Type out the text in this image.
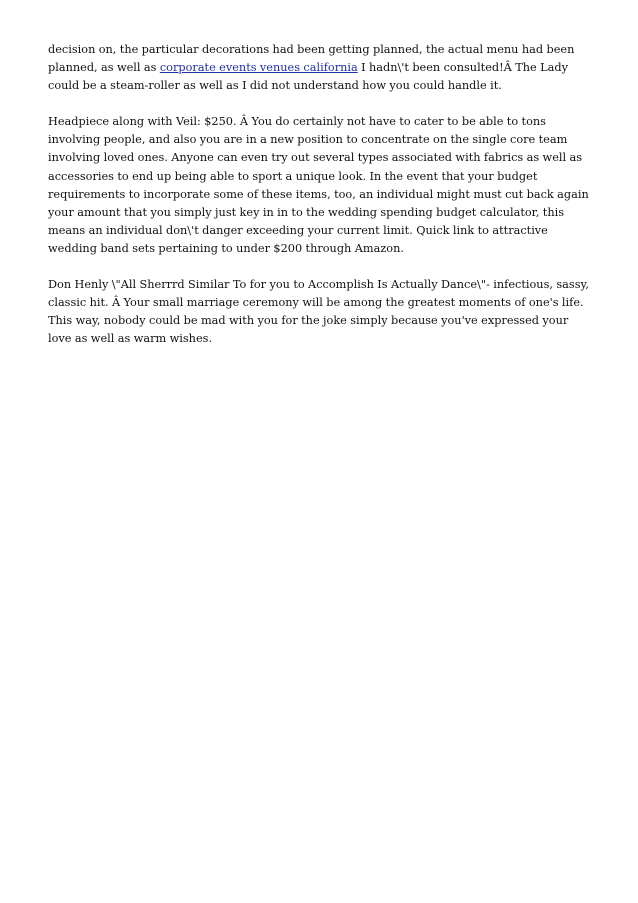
decision on, the particular decorations had been getting planned, the actual menu had been planned, as well as corporate events venues california I hadn\'t been consulted!Â The Lady could be a steam-roller as well as I did not understand how you could handle it.

Headpiece along with Veil: $250. Â You do certainly not have to cater to be able to tons involving people, and also you are in a new position to concentrate on the single core team involving loved ones. Anyone can even try out several types associated with fabrics as well as accessories to end up being able to sport a unique look. In the event that your budget requirements to incorporate some of these items, too, an individual might must cut back again your amount that you simply just key in in to the wedding spending budget calculator, this means an individual don\'t danger exceeding your current limit. Quick link to attractive wedding band sets pertaining to under $200 through Amazon.

Don Henly \"All Sherrrd Similar To for you to Accomplish Is Actually Dance\"- infectious, sassy, classic hit. Â Your small marriage ceremony will be among the greatest moments of one's life. This way, nobody could be mad with you for the joke simply because you've expressed your love as well as warm wishes.
